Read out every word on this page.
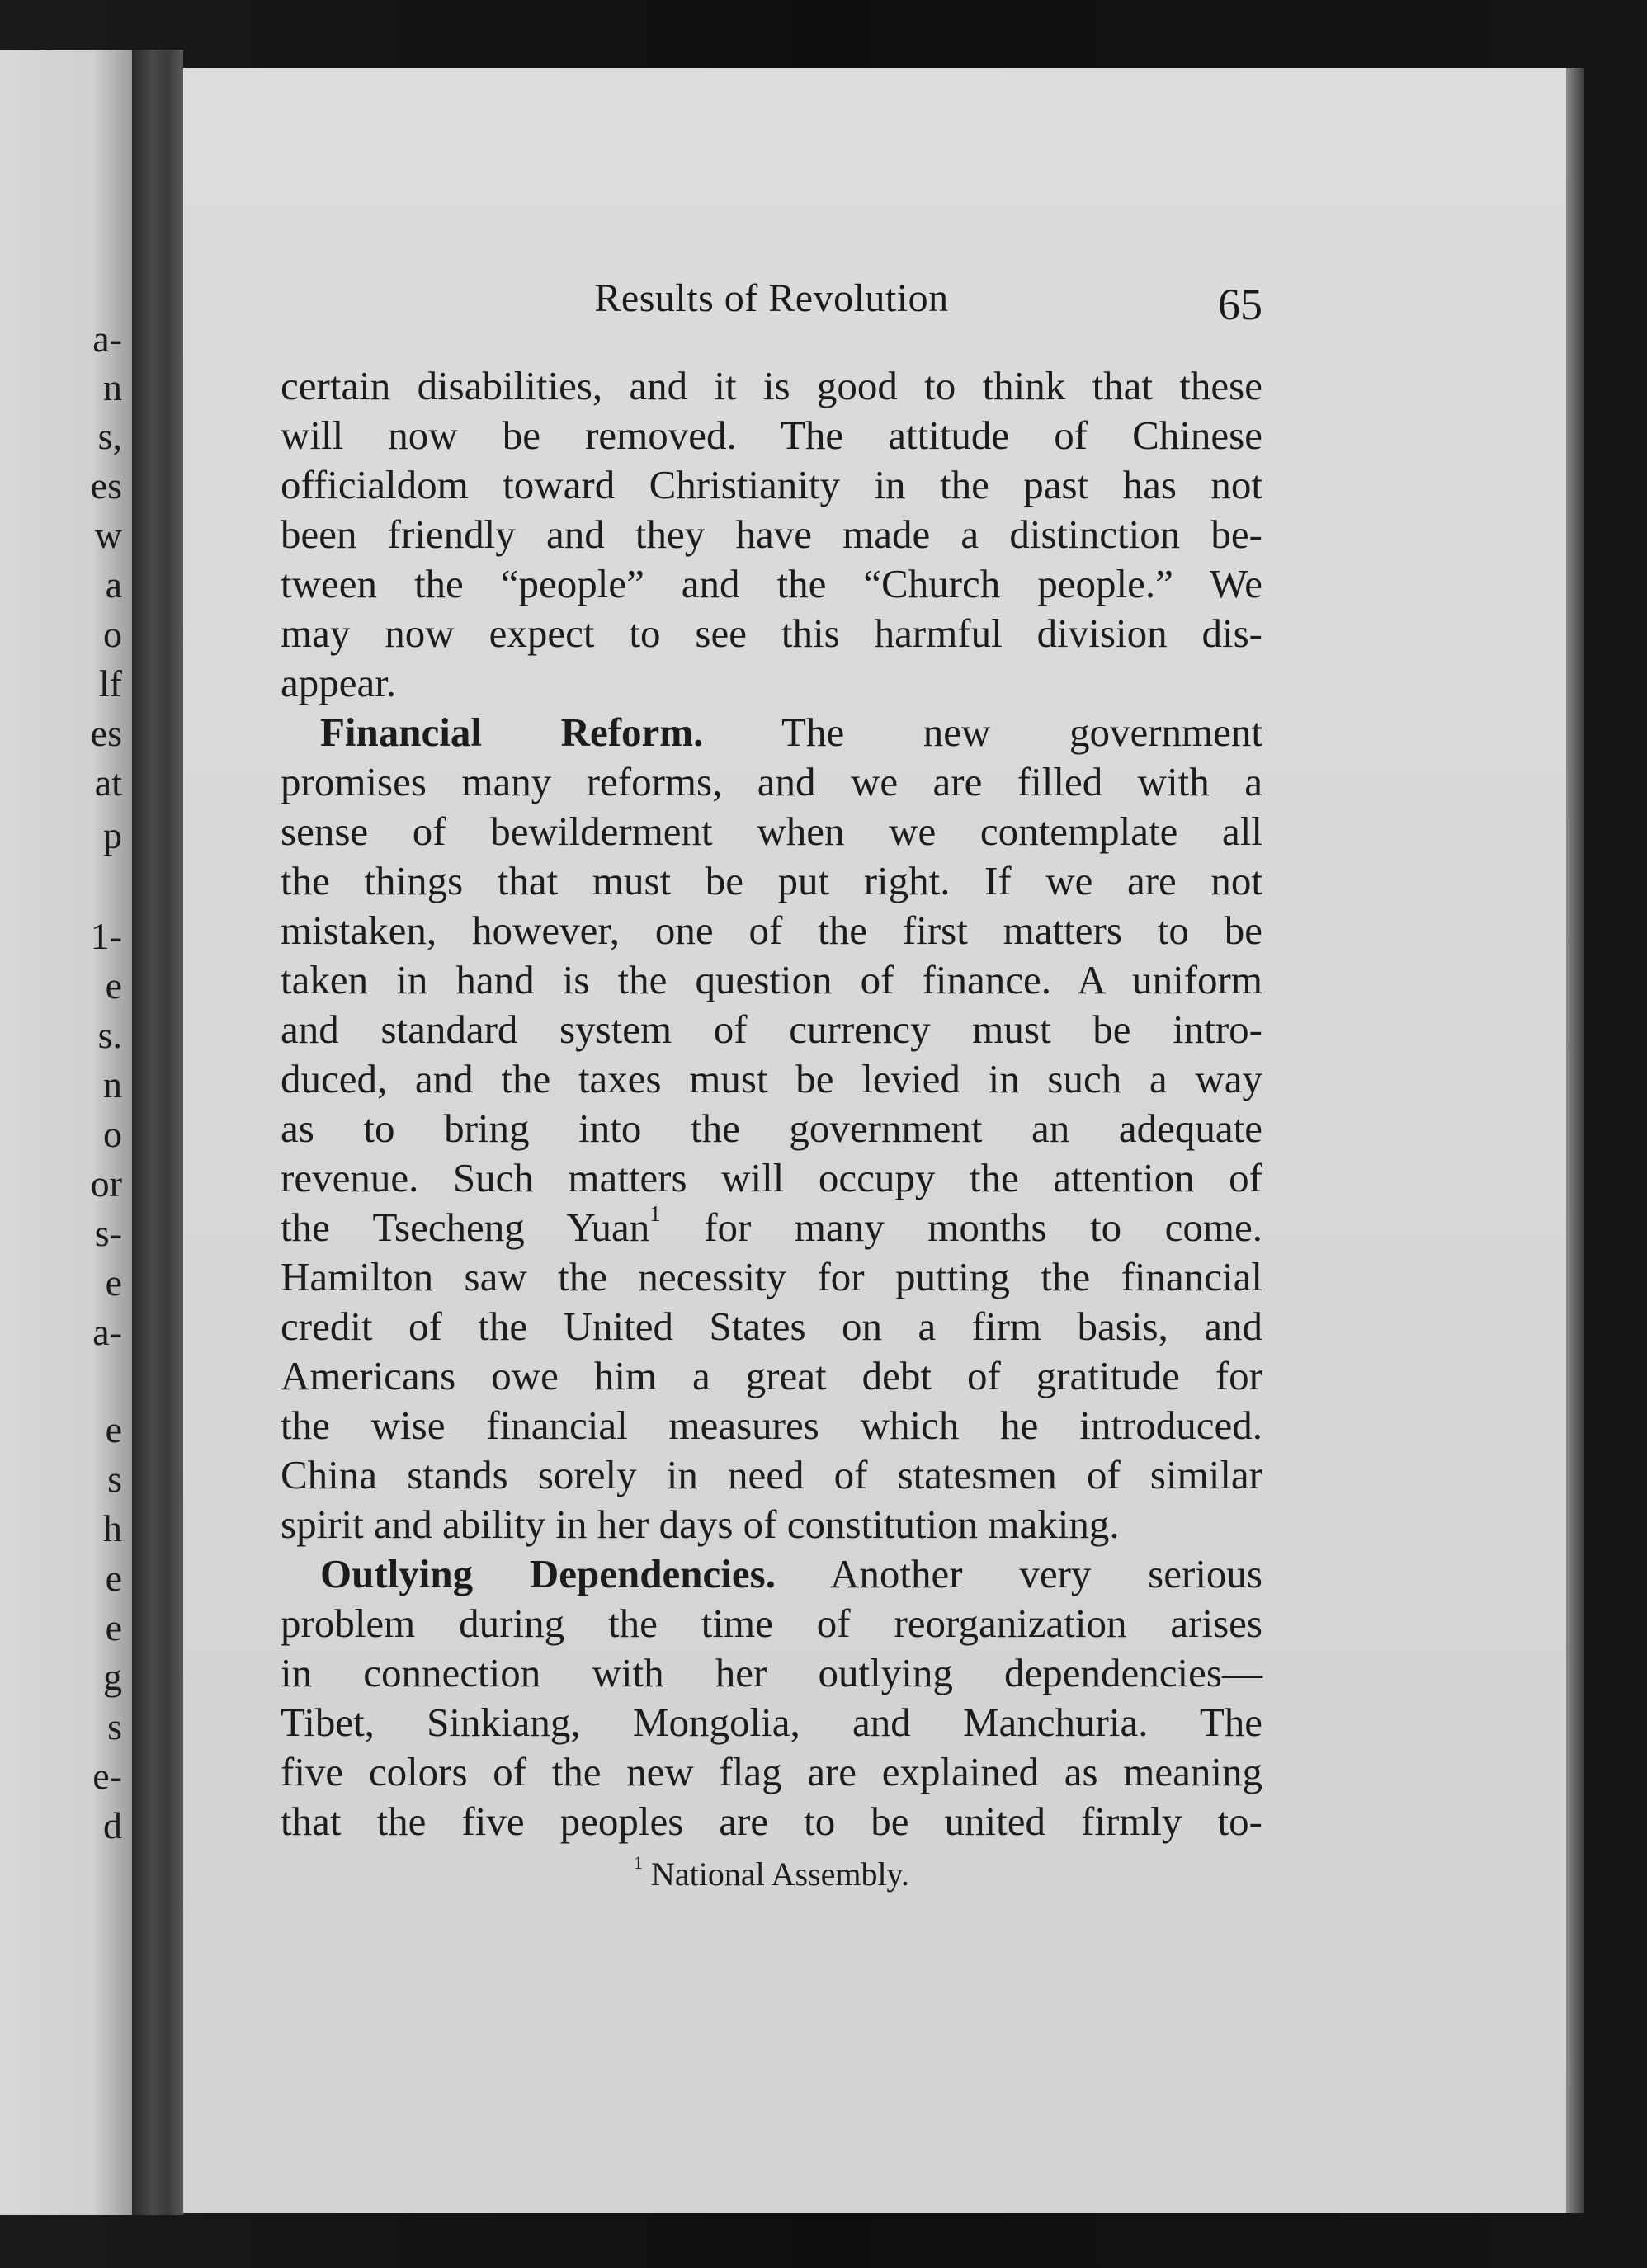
a-
n
s,
es
w
a
o
lf
es
at
p
1-
e
s.
n
o
or
s-
e
a-
e
s
h
e
e
g
s
e-
d
Results of Revolution	65
certain disabilities, and it is good to think that these
will now be removed. The attitude of Chinese
officialdom toward Christianity in the past has not
been friendly and they have made a distinction be-
tween the “people” and the “Church people.” We
may now expect to see this harmful division dis-
appear.
Financial Reform. The new government
promises many reforms, and we are filled with a
sense of bewilderment when we contemplate all
the things that must be put right. If we are not
mistaken, however, one of the first matters to be
taken in hand is the question of finance. A uniform
and standard system of currency must be intro-
duced, and the taxes must be levied in such a way
as to bring into the government an adequate
revenue. Such matters will occupy the attention of
the Tsecheng Yuan$^1$ for many months to come.
Hamilton saw the necessity for putting the financial
credit of the United States on a firm basis, and
Americans owe him a great debt of gratitude for
the wise financial measures which he introduced.
China stands sorely in need of statesmen of similar
spirit and ability in her days of constitution making.
Outlying Dependencies. Another very serious
problem during the time of reorganization arises
in connection with her outlying dependencies—
Tibet, Sinkiang, Mongolia, and Manchuria. The
five colors of the new flag are explained as meaning
that the five peoples are to be united firmly to-
$^1$ National Assembly.
